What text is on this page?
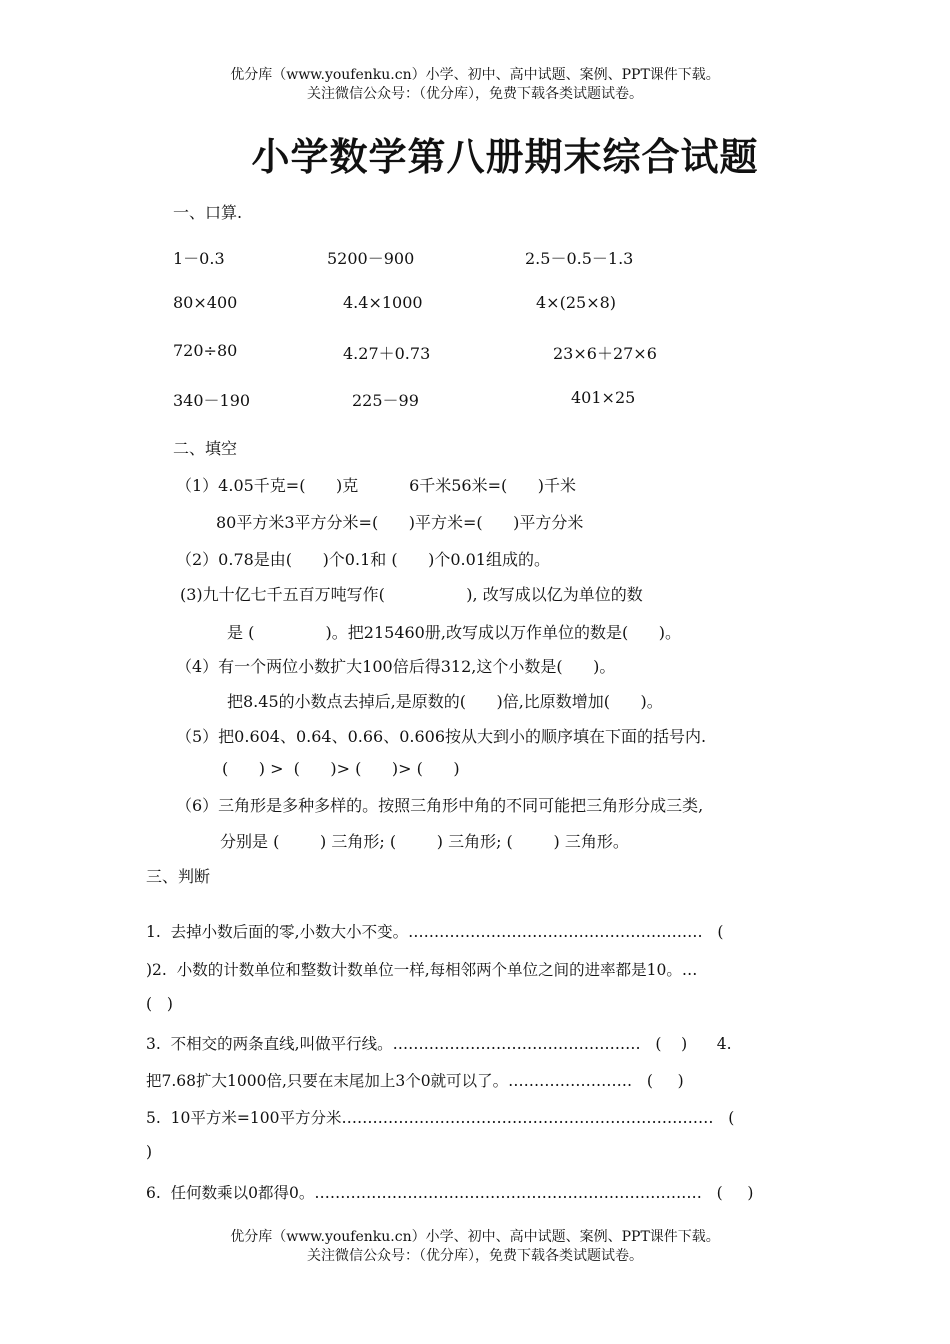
优分库（www.youfenku.cn）小学、初中、高中试题、案例、PPT课件下载。
关注微信公众号：（优分库），免费下载各类试题试卷。
小学数学第八册期末综合试题
一、口算.
1－0.3	5200－900	2.5－0.5－1.3
80×400	4.4×1000	4×(25×8)
720÷80	4.27＋0.73	23×6＋27×6
340－190	225－99	401×25
二、填空
（1）4.05千克=(      )克          6千米56米=(      )千米
80平方米3平方分米=(      )平方米=(      )平方分米
（2）0.78是由(      )个0.1和 (      )个0.01组成的。
(3)九十亿七千五百万吨写作(                ), 改写成以亿为单位的数
是 (              )。把215460册,改写成以万作单位的数是(      )。
（4）有一个两位小数扩大100倍后得312,这个小数是(      )。
把8.45的小数点去掉后,是原数的(      )倍,比原数增加(      )。
（5）把0.604、0.64、0.66、0.606按从大到小的顺序填在下面的括号内.
(      ) >  (      )> (      )> (      )
（6）三角形是多种多样的。按照三角形中角的不同可能把三角形分成三类,
分别是 (        ) 三角形; (        ) 三角形; (        ) 三角形。
三、判断
1.  去掉小数后面的零,小数大小不变。…………………………………………………   (
)2.  小数的计数单位和整数计数单位一样,每相邻两个单位之间的进率都是10。…
(   )
3.  不相交的两条直线,叫做平行线。…………………………………………   (    )      4.
把7.68扩大1000倍,只要在末尾加上3个0就可以了。……………………   (     )
5.  10平方米=100平方分米………………………………………………………………   (
)
6.  任何数乘以0都得0。…………………………………………………………………   (     )
优分库（www.youfenku.cn）小学、初中、高中试题、案例、PPT课件下载。
关注微信公众号：（优分库），免费下载各类试题试卷。
